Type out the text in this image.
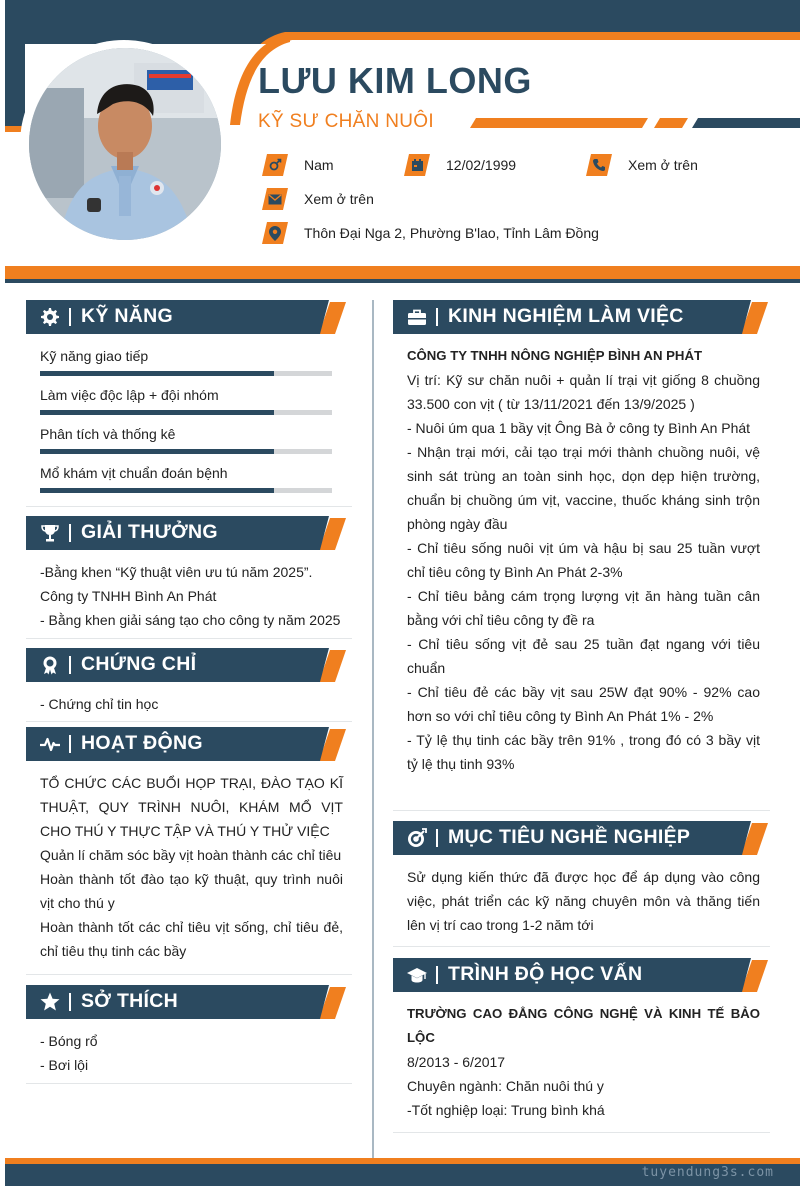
LƯU KIM LONG
KỸ SƯ CHĂN NUÔI
Nam	12/02/1999	Xem ở trên
Xem ở trên
Thôn Đại Nga 2, Phường B'lao, Tỉnh Lâm Đồng
KỸ NĂNG
Kỹ năng giao tiếp
Làm việc độc lập + đội nhóm
Phân tích và thống kê
Mổ khám vịt chuẩn đoán bệnh
GIẢI THƯỞNG
-Bằng khen “Kỹ thuật viên ưu tú năm 2025”.
Công ty TNHH Bình An Phát
- Bằng khen giải sáng tạo cho công ty năm 2025
CHỨNG CHỈ
- Chứng chỉ tin học
HOẠT ĐỘNG
TỔ CHỨC CÁC BUỔI HỌP TRẠI, ĐÀO TẠO KĨ THUẬT, QUY TRÌNH NUÔI, KHÁM MỔ VỊT CHO THÚ Y THỰC TẬP VÀ THÚ Y THỬ VIỆC
Quản lí chăm sóc bầy vịt hoàn thành các chỉ tiêu
Hoàn thành tốt đào tạo kỹ thuật, quy trình nuôi vịt cho thú y
Hoàn thành tốt các chỉ tiêu vịt sống, chỉ tiêu đẻ, chỉ tiêu thụ tinh các bầy
SỞ THÍCH
- Bóng rổ
- Bơi lội
KINH NGHIỆM LÀM VIỆC
CÔNG TY TNHH NÔNG NGHIỆP BÌNH AN PHÁT
Vị trí: Kỹ sư chăn nuôi + quản lí trại vịt giống 8 chuồng 33.500 con vịt ( từ 13/11/2021 đến 13/9/2025 )
- Nuôi úm qua 1 bầy vịt Ông Bà ở công ty Bình An Phát
- Nhận trại mới, cải tạo trại mới thành chuồng nuôi, vệ sinh sát trùng an toàn sinh học, dọn dẹp hiện trường, chuẩn bị chuồng úm vịt, vaccine, thuốc kháng sinh trộn phòng ngày đầu
- Chỉ tiêu sống nuôi vịt úm và hậu bị sau 25 tuần vượt chỉ tiêu công ty Bình An Phát 2-3%
- Chỉ tiêu bảng cám trọng lượng vịt ăn hàng tuần cân bằng với chỉ tiêu công ty đề ra
- Chỉ tiêu sống vịt đẻ sau 25 tuần đạt ngang với tiêu chuẩn
- Chỉ tiêu đẻ các bầy vịt sau 25W đạt 90% - 92% cao hơn so với chỉ tiêu công ty Bình An Phát 1% - 2%
- Tỷ lệ thụ tinh các bầy trên 91% , trong đó có 3 bầy vịt tỷ lệ thụ tinh 93%
MỤC TIÊU NGHỀ NGHIỆP
Sử dụng kiến thức đã được học để áp dụng vào công việc, phát triển các kỹ năng chuyên môn và thăng tiến lên vị trí cao trong 1-2 năm tới
TRÌNH ĐỘ HỌC VẤN
TRƯỜNG CAO ĐẲNG CÔNG NGHỆ VÀ KINH TẾ BẢO LỘC
8/2013 - 6/2017
Chuyên ngành: Chăn nuôi thú y
-Tốt nghiệp loại: Trung bình khá
tuyendung3s.com
